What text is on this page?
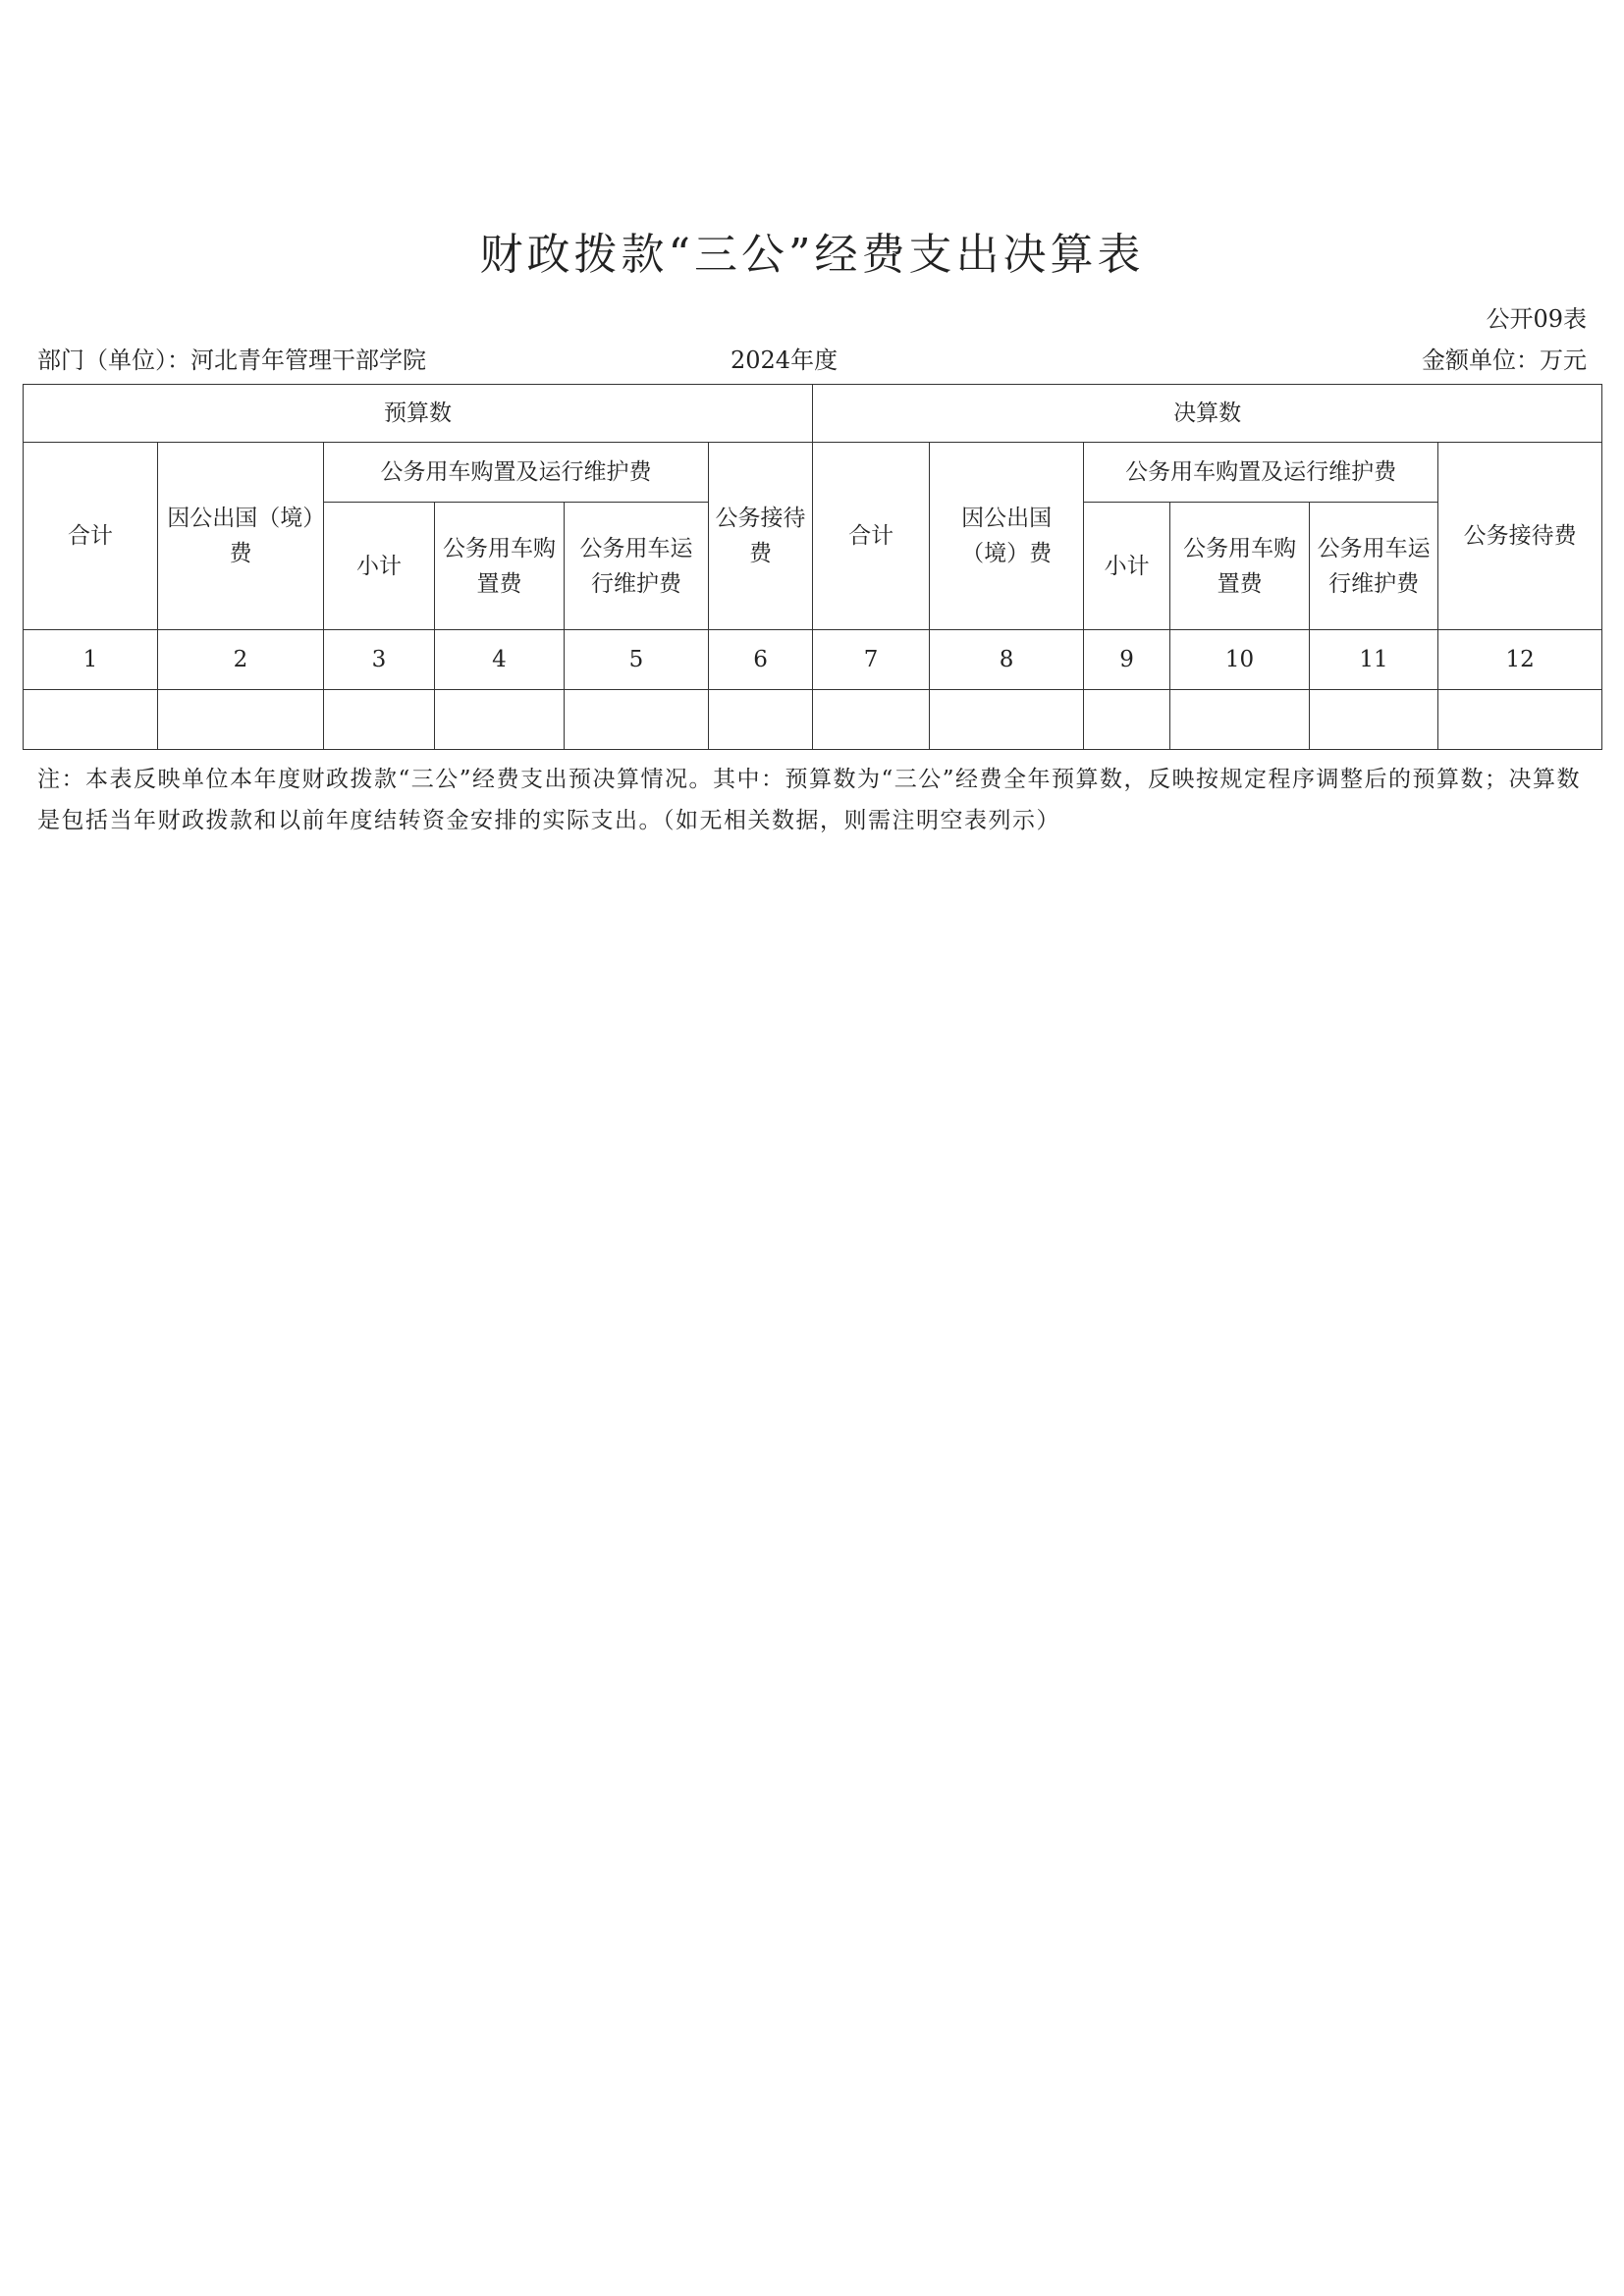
财政拨款“三公”经费支出决算表
公开09表
部门（单位）：河北青年管理干部学院	2024年度	金额单位：万元
预算数						决算数					
合计	因公出国（境）费	公务用车购置及运行维护费			公务接待费	合计	因公出国（境）费	公务用车购置及运行维护费			公务接待费
		小计	公务用车购置费	公务用车运行维护费				小计	公务用车购置费	公务用车运行维护费	
1	2	3	4	5	6	7	8	9	10	11	12

注：本表反映单位本年度财政拨款“三公”经费支出预决算情况。其中：预算数为“三公”经费全年预算数，反映按规定程序调整后的预算数；决算数是包括当年财政拨款和以前年度结转资金安排的实际支出。（如无相关数据，则需注明空表列示）
